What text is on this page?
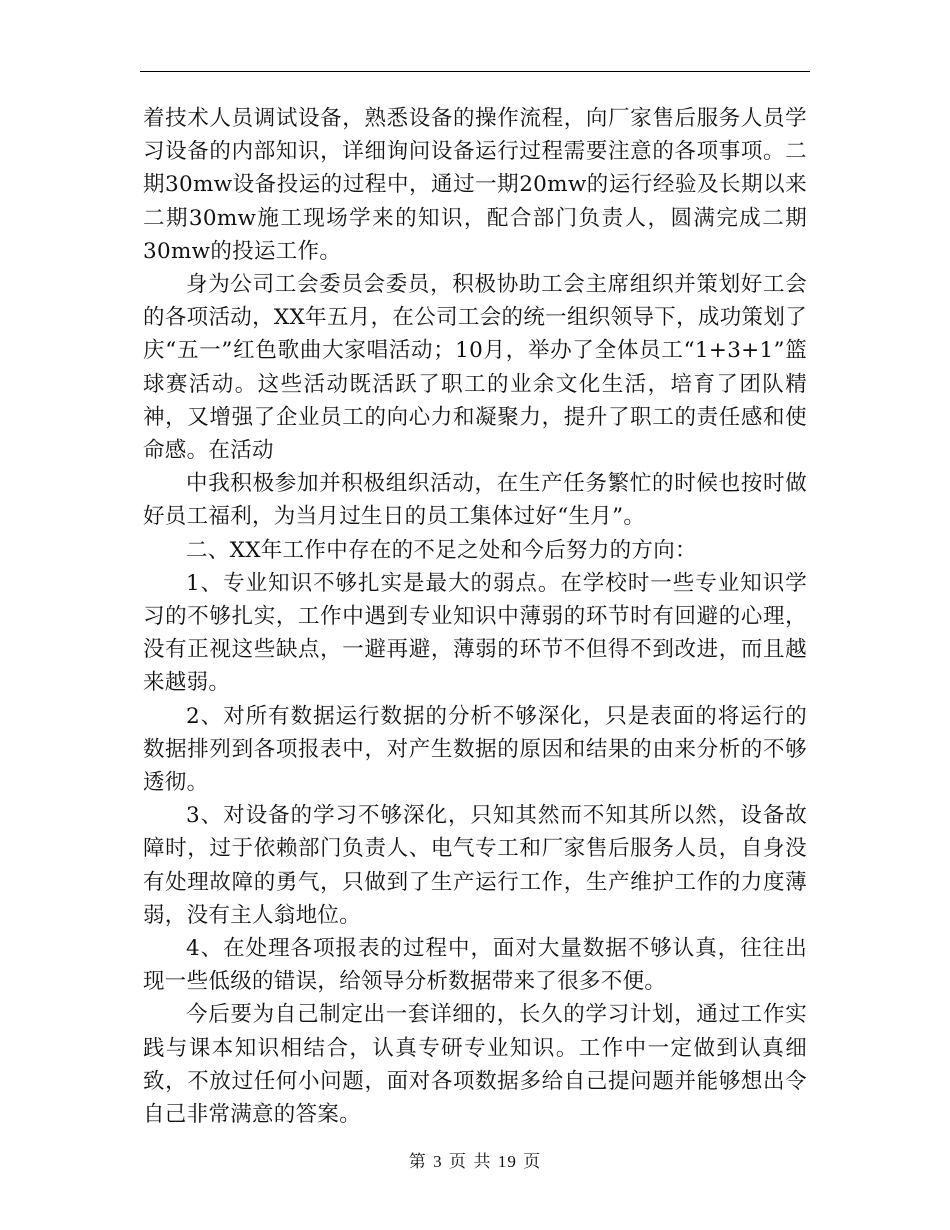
着技术人员调试设备，熟悉设备的操作流程，向厂家售后服务人员学习设备的内部知识，详细询问设备运行过程需要注意的各项事项。二期30mw设备投运的过程中，通过一期20mw的运行经验及长期以来二期30mw施工现场学来的知识，配合部门负责人，圆满完成二期30mw的投运工作。

身为公司工会委员会委员，积极协助工会主席组织并策划好工会的各项活动，XX年五月，在公司工会的统一组织领导下，成功策划了庆“五一”红色歌曲大家唱活动；10月，举办了全体员工“1+3+1”篮球赛活动。这些活动既活跃了职工的业余文化生活，培育了团队精神，又增强了企业员工的向心力和凝聚力，提升了职工的责任感和使命感。在活动

中我积极参加并积极组织活动，在生产任务繁忙的时候也按时做好员工福利，为当月过生日的员工集体过好“生月”。

二、XX年工作中存在的不足之处和今后努力的方向：

1、专业知识不够扎实是最大的弱点。在学校时一些专业知识学习的不够扎实，工作中遇到专业知识中薄弱的环节时有回避的心理，没有正视这些缺点，一避再避，薄弱的环节不但得不到改进，而且越来越弱。

2、对所有数据运行数据的分析不够深化，只是表面的将运行的数据排列到各项报表中，对产生数据的原因和结果的由来分析的不够透彻。

3、对设备的学习不够深化，只知其然而不知其所以然，设备故障时，过于依赖部门负责人、电气专工和厂家售后服务人员，自身没有处理故障的勇气，只做到了生产运行工作，生产维护工作的力度薄弱，没有主人翁地位。

4、在处理各项报表的过程中，面对大量数据不够认真，往往出现一些低级的错误，给领导分析数据带来了很多不便。

今后要为自己制定出一套详细的，长久的学习计划，通过工作实践与课本知识相结合，认真专研专业知识。工作中一定做到认真细致，不放过任何小问题，面对各项数据多给自己提问题并能够想出令自己非常满意的答案。

第 3 页 共 19 页
